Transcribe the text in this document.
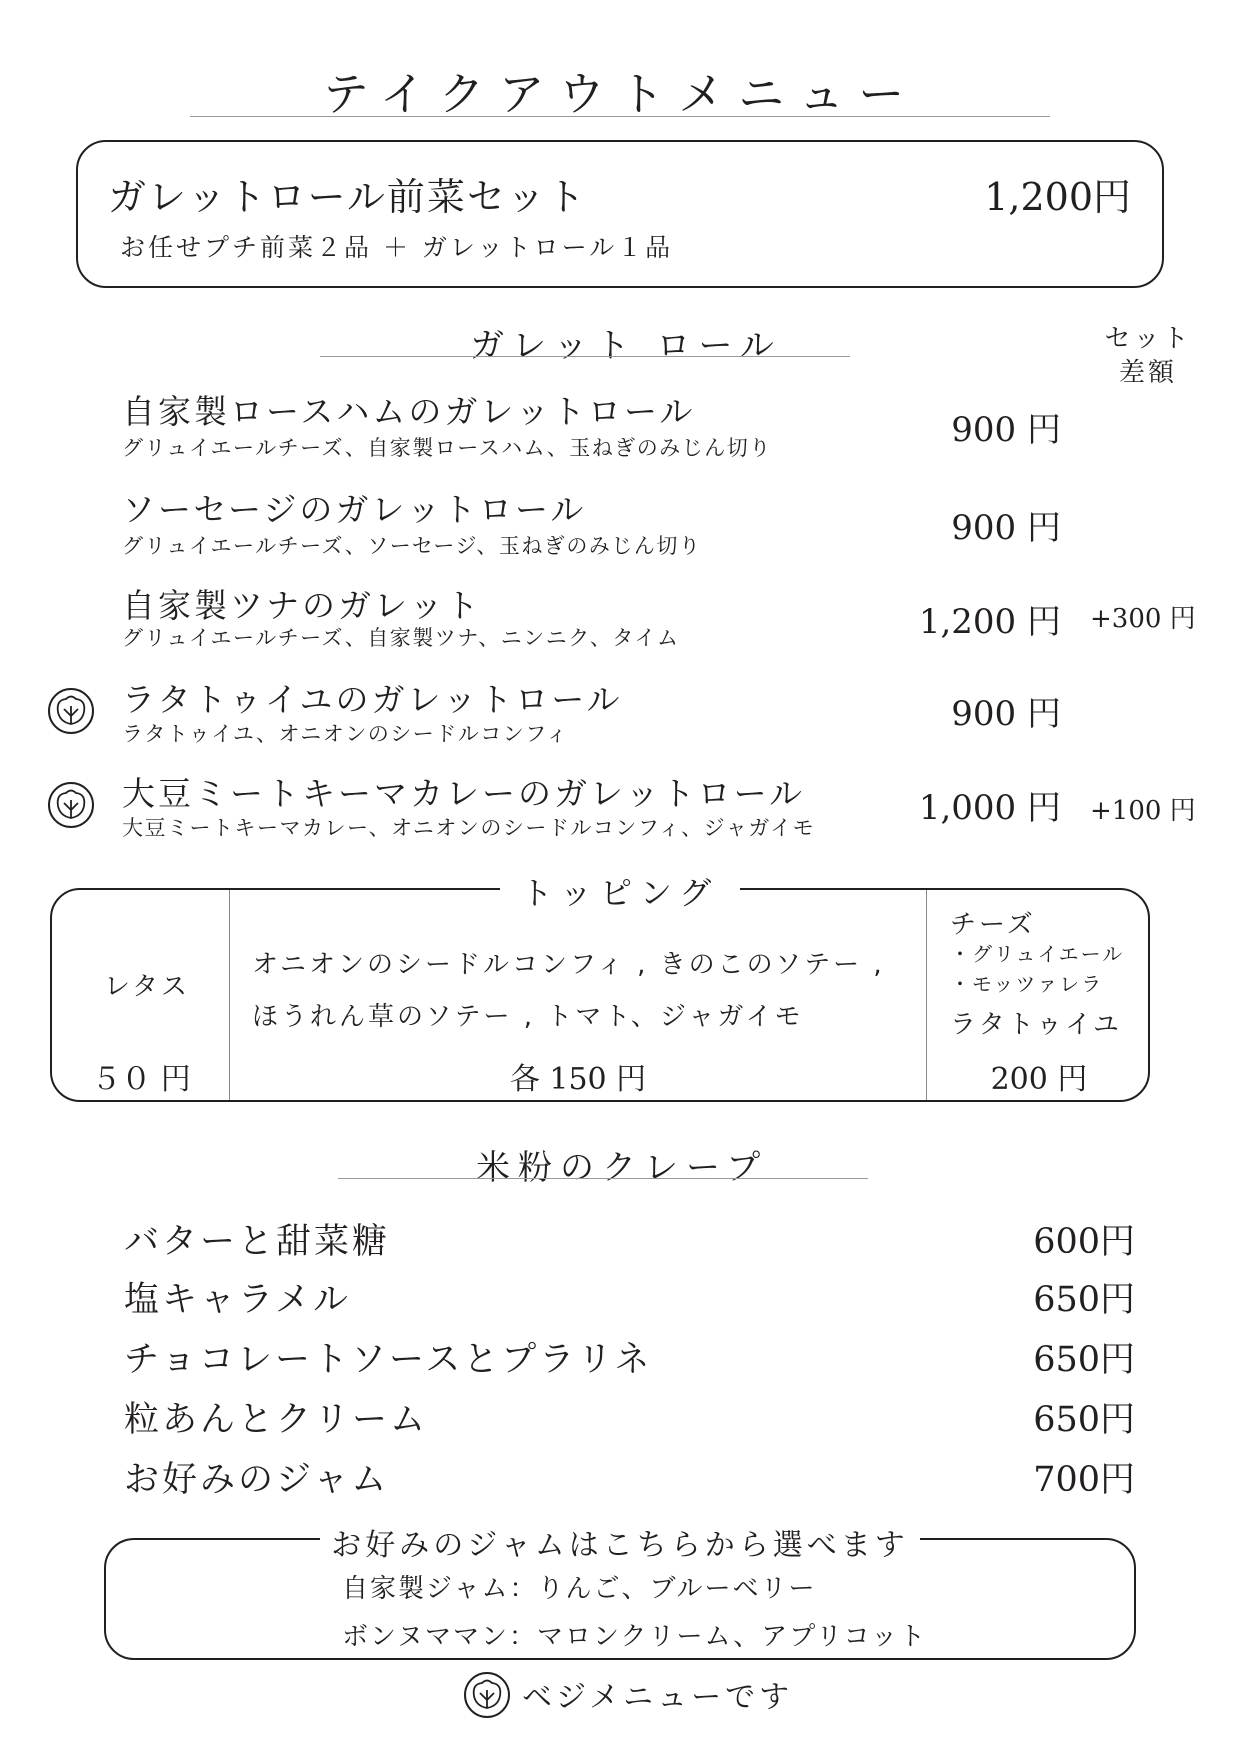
テイクアウトメニュー
ガレットロール前菜セット	1,200円
お任せプチ前菜２品 ＋ ガレットロール１品
ガレット ロール	セット
差額
自家製ロースハムのガレットロール
グリュイエールチーズ、自家製ロースハム、玉ねぎのみじん切り	900 円
ソーセージのガレットロール
グリュイエールチーズ、ソーセージ、玉ねぎのみじん切り	900 円
自家製ツナのガレット
グリュイエールチーズ、自家製ツナ、ニンニク、タイム	1,200 円 +300 円
ラタトゥイユのガレットロール
ラタトゥイユ、オニオンのシードルコンフィ	900 円
大豆ミートキーマカレーのガレットロール
大豆ミートキーマカレー、オニオンのシードルコンフィ、ジャガイモ	1,000 円 +100 円
トッピング
レタス
５０ 円
オニオンのシードルコンフィ , きのこのソテー ,
ほうれん草のソテー , トマト、ジャガイモ
各 150 円
チーズ
・グリュイエール
・モッツァレラ
ラタトゥイユ
200 円
米粉のクレープ
バターと甜菜糖	600円
塩キャラメル	650円
チョコレートソースとプラリネ	650円
粒あんとクリーム	650円
お好みのジャム	700円
お好みのジャムはこちらから選べます
自家製ジャム：りんご、ブルーベリー
ボンヌママン：マロンクリーム、アプリコット
ベジメニューです
